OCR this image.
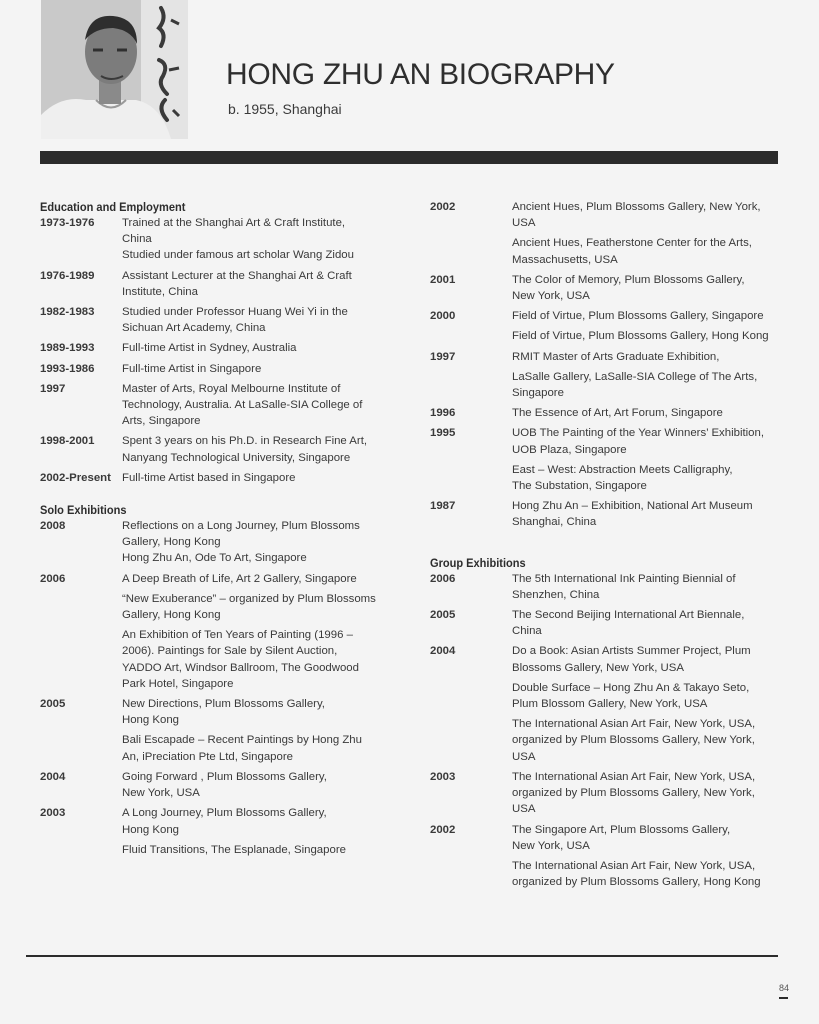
HONG ZHU AN BIOGRAPHY

b. 1955, Shanghai

Education and Employment
1973-1976	Trained at the Shanghai Art & Craft Institute,
China
Studied under famous art scholar Wang Zidou
1976-1989	Assistant Lecturer at the Shanghai Art & Craft
Institute, China
1982-1983	Studied under Professor Huang Wei Yi in the
Sichuan Art Academy, China
1989-1993	Full-time Artist in Sydney, Australia
1993-1986	Full-time Artist in Singapore
1997	Master of Arts, Royal Melbourne Institute of
Technology, Australia. At LaSalle-SIA College of
Arts, Singapore
1998-2001	Spent 3 years on his Ph.D. in Research Fine Art,
Nanyang Technological University, Singapore
2002-Present Full-time Artist based in Singapore
Solo Exhibitions
2008	Reflections on a Long Journey, Plum Blossoms
Gallery, Hong Kong
Hong Zhu An, Ode To Art, Singapore
2006	A Deep Breath of Life, Art 2 Gallery, Singapore
“New Exuberance” – organized by Plum Blossoms
Gallery, Hong Kong
An Exhibition of Ten Years of Painting (1996 –
2006). Paintings for Sale by Silent Auction,
YADDO Art, Windsor Ballroom, The Goodwood
Park Hotel, Singapore
2005	New Directions, Plum Blossoms Gallery,
Hong Kong
Bali Escapade – Recent Paintings by Hong Zhu
An, iPreciation Pte Ltd, Singapore
2004	Going Forward , Plum Blossoms Gallery,
New York, USA
2003	A Long Journey, Plum Blossoms Gallery,
Hong Kong
Fluid Transitions, The Esplanade, Singapore
2002	Ancient Hues, Plum Blossoms Gallery, New York,
USA
Ancient Hues, Featherstone Center for the Arts,
Massachusetts, USA
2001	The Color of Memory, Plum Blossoms Gallery,
New York, USA
2000	Field of Virtue, Plum Blossoms Gallery, Singapore
Field of Virtue, Plum Blossoms Gallery, Hong Kong
1997	RMIT Master of Arts Graduate Exhibition,
LaSalle Gallery, LaSalle-SIA College of The Arts,
Singapore
1996	The Essence of Art, Art Forum, Singapore
1995	UOB The Painting of the Year Winners’ Exhibition,
UOB Plaza, Singapore
East – West: Abstraction Meets Calligraphy,
The Substation, Singapore
1987	Hong Zhu An – Exhibition, National Art Museum
Shanghai, China
Group Exhibitions
2006	The 5th International Ink Painting Biennial of
Shenzhen, China
2005	The Second Beijing International Art Biennale,
China
2004	Do a Book: Asian Artists Summer Project, Plum
Blossoms Gallery, New York, USA
Double Surface – Hong Zhu An & Takayo Seto,
Plum Blossom Gallery, New York, USA
The International Asian Art Fair, New York, USA,
organized by Plum Blossoms Gallery, New York,
USA
2003	The International Asian Art Fair, New York, USA,
organized by Plum Blossoms Gallery, New York,
USA
2002	The Singapore Art, Plum Blossoms Gallery,
New York, USA
The International Asian Art Fair, New York, USA,
organized by Plum Blossoms Gallery, Hong Kong
84
